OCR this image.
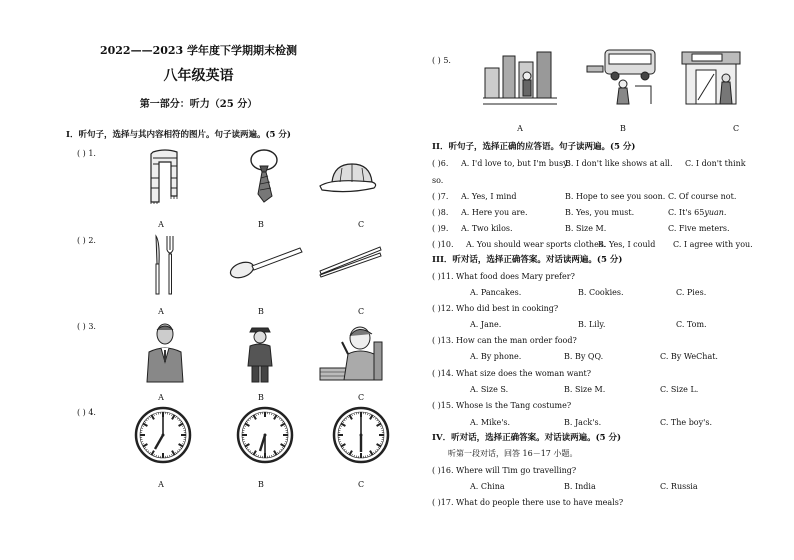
2022——2023 学年度下学期期末检测
八年级英语
第一部分：听力（25 分）
I．听句子，选择与其内容相符的图片。句子读两遍。(5 分)
( ) 1.
A	B	C
( ) 2.
A	B	C
( ) 3.
A	B	C
( ) 4.
A	B	C
( ) 5.
A	B	C
II．听句子，选择正确的应答语。句子读两遍。(5 分)
( )6. A. I'd love to, but I'm busy.
B. I don't like shows at all. C. I don't think
so.
( )7. A. Yes, I mind	B. Hope to see you soon. C. Of course not.
( )8. A. Here you are.	B. Yes, you must.	C. It's 65yuan.
( )9. A. Two kilos.	B. Size M.	C. Five meters.
( )10. A. You should wear sports clothes.
B. Yes, I could C. I agree with you.
III．听对话，选择正确答案。对话读两遍。(5 分)
( )11. What food does Mary prefer?
A. Pancakes.	B. Cookies.	C. Pies.
( )12. Who did best in cooking?
A. Jane.	B. Lily.	C. Tom.
( )13. How can the man order food?
A. By phone.	B. By QQ.	C. By WeChat.
( )14. What size does the woman want?
A. Size S.	B. Size M.	C. Size L.
( )15. Whose is the Tang costume?
A. Mike's.	B. Jack's.	C. The boy's.
IV．听对话，选择正确答案。对话读两遍。(5 分)
听第一段对话，回答 16－17 小题。
( )16. Where will Tim go travelling?
A. China	B. India	C. Russia
( )17. What do people there use to have meals?
